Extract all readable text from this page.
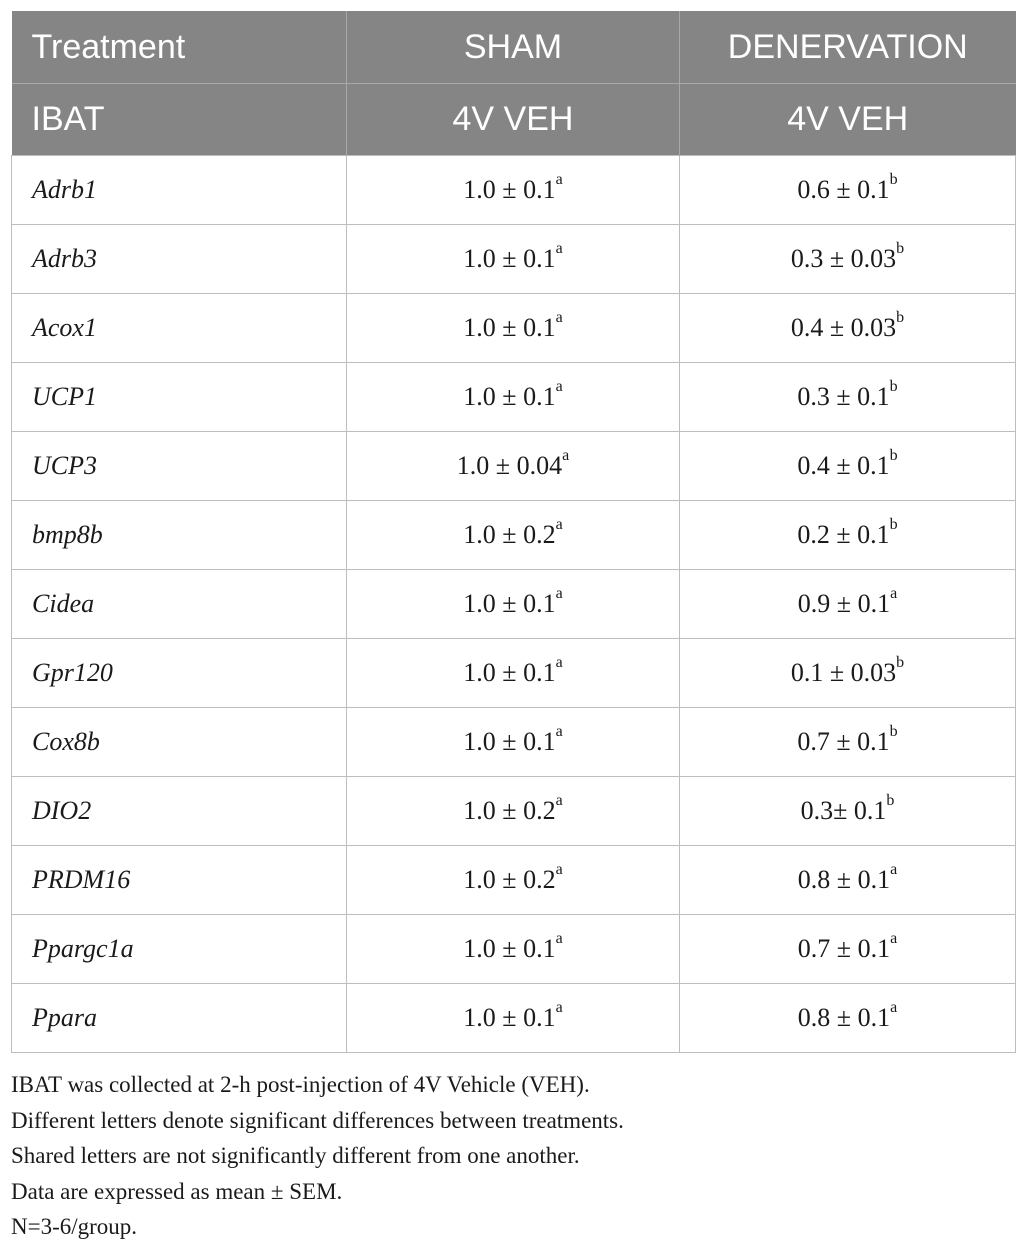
Treatment	SHAM	DENERVATION
IBAT	4V VEH	4V VEH
Adrb1	1.0 ± 0.1$^a$	0.6 ± 0.1$^b$
Adrb3	1.0 ± 0.1$^a$	0.3 ± 0.03$^b$
Acox1	1.0 ± 0.1$^a$	0.4 ± 0.03$^b$
UCP1	1.0 ± 0.1$^a$	0.3 ± 0.1$^b$
UCP3	1.0 ± 0.04$^a$	0.4 ± 0.1$^b$
bmp8b	1.0 ± 0.2$^a$	0.2 ± 0.1$^b$
Cidea	1.0 ± 0.1$^a$	0.9 ± 0.1$^a$
Gpr120	1.0 ± 0.1$^a$	0.1 ± 0.03$^b$
Cox8b	1.0 ± 0.1$^a$	0.7 ± 0.1$^b$
DIO2	1.0 ± 0.2$^a$	0.3± 0.1$^b$
PRDM16	1.0 ± 0.2$^a$	0.8 ± 0.1$^a$
Ppargc1a	1.0 ± 0.1$^a$	0.7 ± 0.1$^a$
Ppara	1.0 ± 0.1$^a$	0.8 ± 0.1$^a$
IBAT was collected at 2-h post-injection of 4V Vehicle (VEH).
Different letters denote significant differences between treatments.
Shared letters are not significantly different from one another.
Data are expressed as mean ± SEM.
N=3-6/group.
